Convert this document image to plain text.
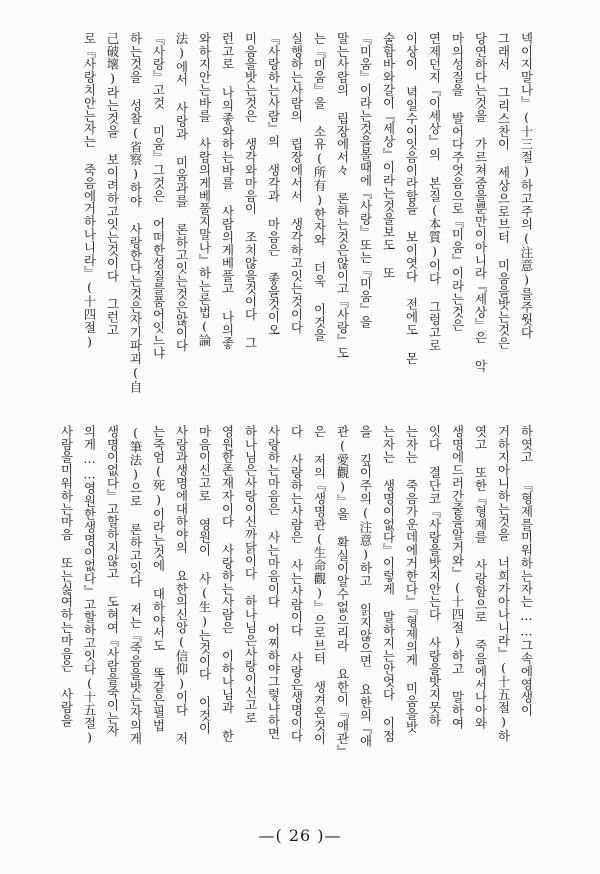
넥이지말나』(十三절)하고주의(注意)를주웟다
그래서 그리스찬이 세상으로브터 미움을밧는것은
당연하다는것을 가르쳐줌을뿐만이아니라『세상』은 악
마의성질을 발어다주엇음으로『미움』이라는것은
연제던지『이세상』의 본질(本質)이다 그렁고로
이상이 녁일수이잇음이라함을 보이엿다 전에도 몬
술함바와갈이『세상』이라는것을보도 또
『미움』이라는것을볼때에『사랑』또는『미움』을
말는사람의 립장에서々 론하는것은않이고『사랑』도
는『미움』을 소유(所有)한자와 더욱 이것을
실행하는사람의 립장에서서 생각하고잇는것이다
『사랑하는사람』의 생각과 마음은 좋을것이오
미움을밧는것은 생각와마음이 조치않을것이다 그
런고로 나의좋와하는바를 사람의게베풀고 나의좋
와하지안는바를 사람의게베풀지말나』하는론법(論
法)에서 사랑과 미움과를 론하고잇는것은않이다
『사랑』고것 미움』그것은 어떠한성질를품어잇느냐
하는것을 성찰(省察)하야 사랑한다는것은자기파괴(自
己破壞)라는것을 보이려하고잇는것이다 그런고
로『사랑치안는자는 죽음에거하나니라』(十四절)
하엿고 『형제를미워하는자는……그속에영생이
거하지아니하는것을 너희가아나니라』(十五절)하
엿고 또한『형제를 사랑함으로 죽음에서나아와
생명에드러간줄을알거와』(十四절)하고 말하여
잇다 결단코『사랑을밧지안는다 사랑을밧지못하
는자는 죽음가운데에거한다』『형제의게 미움을밧
는자는 생명이없다』이렇게 말하지는안엇다 이점
을 깊이주의(注意)하고 읽지않으면 요한의『애
관(愛觀)』을 확실이알수없으리라 요한이『애관』
은 저의『생명관(生命觀)』으로브터 생겨온것이
다 사랑하는사람은 사는사람이다 사랑은생명이다
사랑하는마음은 사는마음이다 어찌하야그렇냐하면
하나님은사랑이신까닭이다 하나님은사랑이신고로
영원한존재자이다 사랑하는사람은 이하나님과 한
마음이신고로 영원이 사(生)는것이다 이것이
사랑과생명에대하야의 요한의신앙(信仰)이다 저
는죽엄(死)이라는것에 대하야서도 똑같은필법
(筆法)으로 론하고잇다 저는『죽음을밧는자의게
생명이없다』고할하지않고 도혀여『사람을죽이는자
의게……영원한생명이없다』고할하고잇다(十五절)
사람을미워하는마음 또는싫여하는마음은 사람을
—( 26 )—
